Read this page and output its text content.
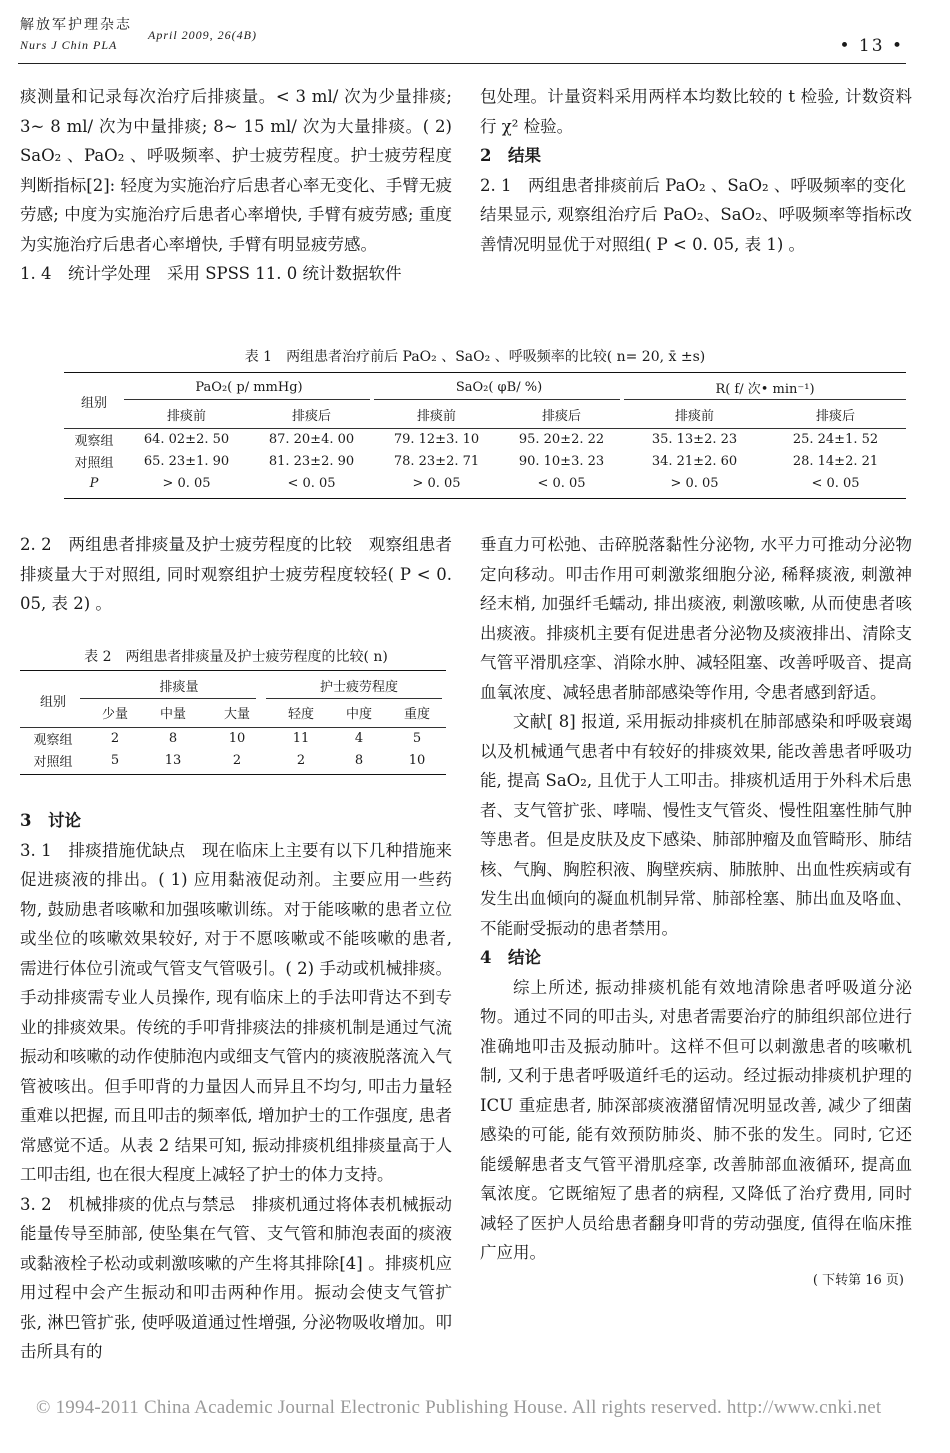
解放军护理杂志
Nurs J Chin PLA
April 2009, 26(4B)
• 13 •

痰测量和记录每次治疗后排痰量。< 3 ml/ 次为少量排痰; 3~ 8 ml/ 次为中量排痰; 8~ 15 ml/ 次为大量排痰。( 2) SaO₂ 、PaO₂ 、呼吸频率、护士疲劳程度。护士疲劳程度判断指标[2]: 轻度为实施治疗后患者心率无变化、手臂无疲劳感; 中度为实施治疗后患者心率增快, 手臂有疲劳感; 重度为实施治疗后患者心率增快, 手臂有明显疲劳感。

1. 4　统计学处理　采用 SPSS 11. 0 统计数据软件

包处理。计量资料采用两样本均数比较的 t 检验, 计数资料行 χ² 检验。

2　结果

2. 1　两组患者排痰前后 PaO₂ 、SaO₂ 、呼吸频率的变化　结果显示, 观察组治疗后 PaO₂、SaO₂、呼吸频率等指标改善情况明显优于对照组( P < 0. 05, 表 1) 。

表 1　两组患者治疗前后 PaO₂ 、SaO₂ 、呼吸频率的比较( n= 20, x̄ ±s)
组别	PaO₂( p/ mmHg)		SaO₂( φB/ %)		R( f/ 次• min⁻¹)	
	排痰前	排痰后	排痰前	排痰后	排痰前	排痰后
观察组	64. 02±2. 50	87. 20±4. 00	79. 12±3. 10	95. 20±2. 22	35. 13±2. 23	25. 24±1. 52
对照组	65. 23±1. 90	81. 23±2. 90	78. 23±2. 71	90. 10±3. 23	34. 21±2. 60	28. 14±2. 21
P	> 0. 05	< 0. 05	> 0. 05	< 0. 05	> 0. 05	< 0. 05

2. 2　两组患者排痰量及护士疲劳程度的比较　观察组患者排痰量大于对照组, 同时观察组护士疲劳程度较轻( P < 0. 05, 表 2) 。

表 2　两组患者排痰量及护士疲劳程度的比较( n)
组别	排痰量			护士疲劳程度		
	少量	中量	大量	轻度	中度	重度
观察组	2	8	10	11	4	5
对照组	5	13	2	2	8	10

3　讨论

3. 1　排痰措施优缺点　现在临床上主要有以下几种措施来促进痰液的排出。( 1) 应用黏液促动剂。主要应用一些药物, 鼓励患者咳嗽和加强咳嗽训练。对于能咳嗽的患者立位或坐位的咳嗽效果较好, 对于不愿咳嗽或不能咳嗽的患者, 需进行体位引流或气管支气管吸引。( 2) 手动或机械排痰。手动排痰需专业人员操作, 现有临床上的手法叩背达不到专业的排痰效果。传统的手叩背排痰法的排痰机制是通过气流振动和咳嗽的动作使肺泡内或细支气管内的痰液脱落流入气管被咳出。但手叩背的力量因人而异且不均匀, 叩击力量轻重难以把握, 而且叩击的频率低, 增加护士的工作强度, 患者常感觉不适。从表 2 结果可知, 振动排痰机组排痰量高于人工叩击组, 也在很大程度上减轻了护士的体力支持。

3. 2　机械排痰的优点与禁忌　排痰机通过将体表机械振动能量传导至肺部, 使坠集在气管、支气管和肺泡表面的痰液或黏液栓子松动或刺激咳嗽的产生将其排除[4] 。排痰机应用过程中会产生振动和叩击两种作用。振动会使支气管扩张, 淋巴管扩张, 使呼吸道通过性增强, 分泌物吸收增加。叩击所具有的

垂直力可松弛、击碎脱落黏性分泌物, 水平力可推动分泌物定向移动。叩击作用可刺激浆细胞分泌, 稀释痰液, 刺激神经末梢, 加强纤毛蠕动, 排出痰液, 刺激咳嗽, 从而使患者咳出痰液。排痰机主要有促进患者分泌物及痰液排出、清除支气管平滑肌痉挛、消除水肿、减轻阻塞、改善呼吸音、提高血氧浓度、减轻患者肺部感染等作用, 令患者感到舒适。

文献[ 8] 报道, 采用振动排痰机在肺部感染和呼吸衰竭以及机械通气患者中有较好的排痰效果, 能改善患者呼吸功能, 提高 SaO₂, 且优于人工叩击。排痰机适用于外科术后患者、支气管扩张、哮喘、慢性支气管炎、慢性阻塞性肺气肿等患者。但是皮肤及皮下感染、肺部肿瘤及血管畸形、肺结核、气胸、胸腔积液、胸壁疾病、肺脓肿、出血性疾病或有发生出血倾向的凝血机制异常、肺部栓塞、肺出血及咯血、不能耐受振动的患者禁用。

4　结论

综上所述, 振动排痰机能有效地清除患者呼吸道分泌物。通过不同的叩击头, 对患者需要治疗的肺组织部位进行准确地叩击及振动肺叶。这样不但可以刺激患者的咳嗽机制, 又利于患者呼吸道纤毛的运动。经过振动排痰机护理的 ICU 重症患者, 肺深部痰液潴留情况明显改善, 减少了细菌感染的可能, 能有效预防肺炎、肺不张的发生。同时, 它还能缓解患者支气管平滑肌痉挛, 改善肺部血液循环, 提高血氧浓度。它既缩短了患者的病程, 又降低了治疗费用, 同时减轻了医护人员给患者翻身叩背的劳动强度, 值得在临床推广应用。

( 下转第 16 页)

© 1994-2011 China Academic Journal Electronic Publishing House. All rights reserved. http://www.cnki.net
